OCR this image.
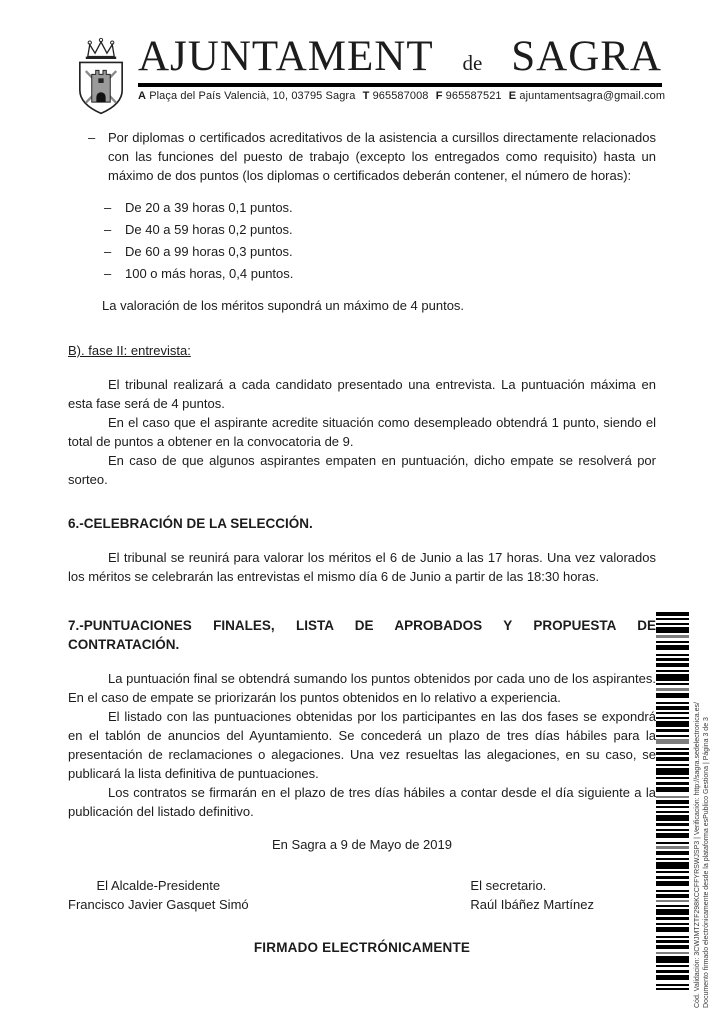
AJUNTAMENT de SAGRA
A Plaça del País Valencià, 10, 03795 Sagra T 965587008 F 965587521 E ajuntamentsagra@gmail.com
– Por diplomas o certificados acreditativos de la asistencia a cursillos directamente relacionados con las funciones del puesto de trabajo (excepto los entregados como requisito) hasta un máximo de dos puntos (los diplomas o certificados deberán contener, el número de horas):
–	De 20 a 39 horas 0,1 puntos.
–	De 40 a 59 horas 0,2 puntos.
–	De 60 a 99 horas 0,3 puntos.
–	100 o más horas, 0,4 puntos.
La valoración de los méritos supondrá un máximo de 4 puntos.
B). fase II: entrevista:

El tribunal realizará a cada candidato presentado una entrevista. La puntuación máxima en esta fase será de 4 puntos.

En el caso que el aspirante acredite situación como desempleado obtendrá 1 punto, siendo el total de puntos a obtener en la convocatoria de 9.

En caso de que algunos aspirantes empaten en puntuación, dicho empate se resolverá por sorteo.

6.-CELEBRACIÓN DE LA SELECCIÓN.

El tribunal se reunirá para valorar los méritos el 6 de Junio a las 17 horas. Una vez valorados los méritos se celebrarán las entrevistas el mismo día 6 de Junio a partir de las 18:30 horas.

7.-PUNTUACIONES FINALES, LISTA DE APROBADOS Y PROPUESTA DE
CONTRATACIÓN.

La puntuación final se obtendrá sumando los puntos obtenidos por cada uno de los aspirantes. En el caso de empate se priorizarán los puntos obtenidos en lo relativo a experiencia.

El listado con las puntuaciones obtenidas por los participantes en las dos fases se expondrá en el tablón de anuncios del Ayuntamiento. Se concederá un plazo de tres días hábiles para la presentación de reclamaciones o alegaciones. Una vez resueltas las alegaciones, en su caso, se publicará la lista definitiva de puntuaciones.

Los contratos se firmarán en el plazo de tres días hábiles a contar desde el día siguiente a la publicación del listado definitivo.

En Sagra a 9 de Mayo de 2019

El Alcalde-Presidente
Francisco Javier Gasquet Simó
El secretario.
Raúl Ibáñez Martínez
FIRMADO ELECTRÓNICAMENTE	Cód. Validación: 3CWJMTZTF298KCCFFYRSWJSP3 | Verificación: http://sagra.sedelectronica.es/ Documento firmado electrónicamente desde la plataforma esPublico Gestiona | Página 3 de 3
